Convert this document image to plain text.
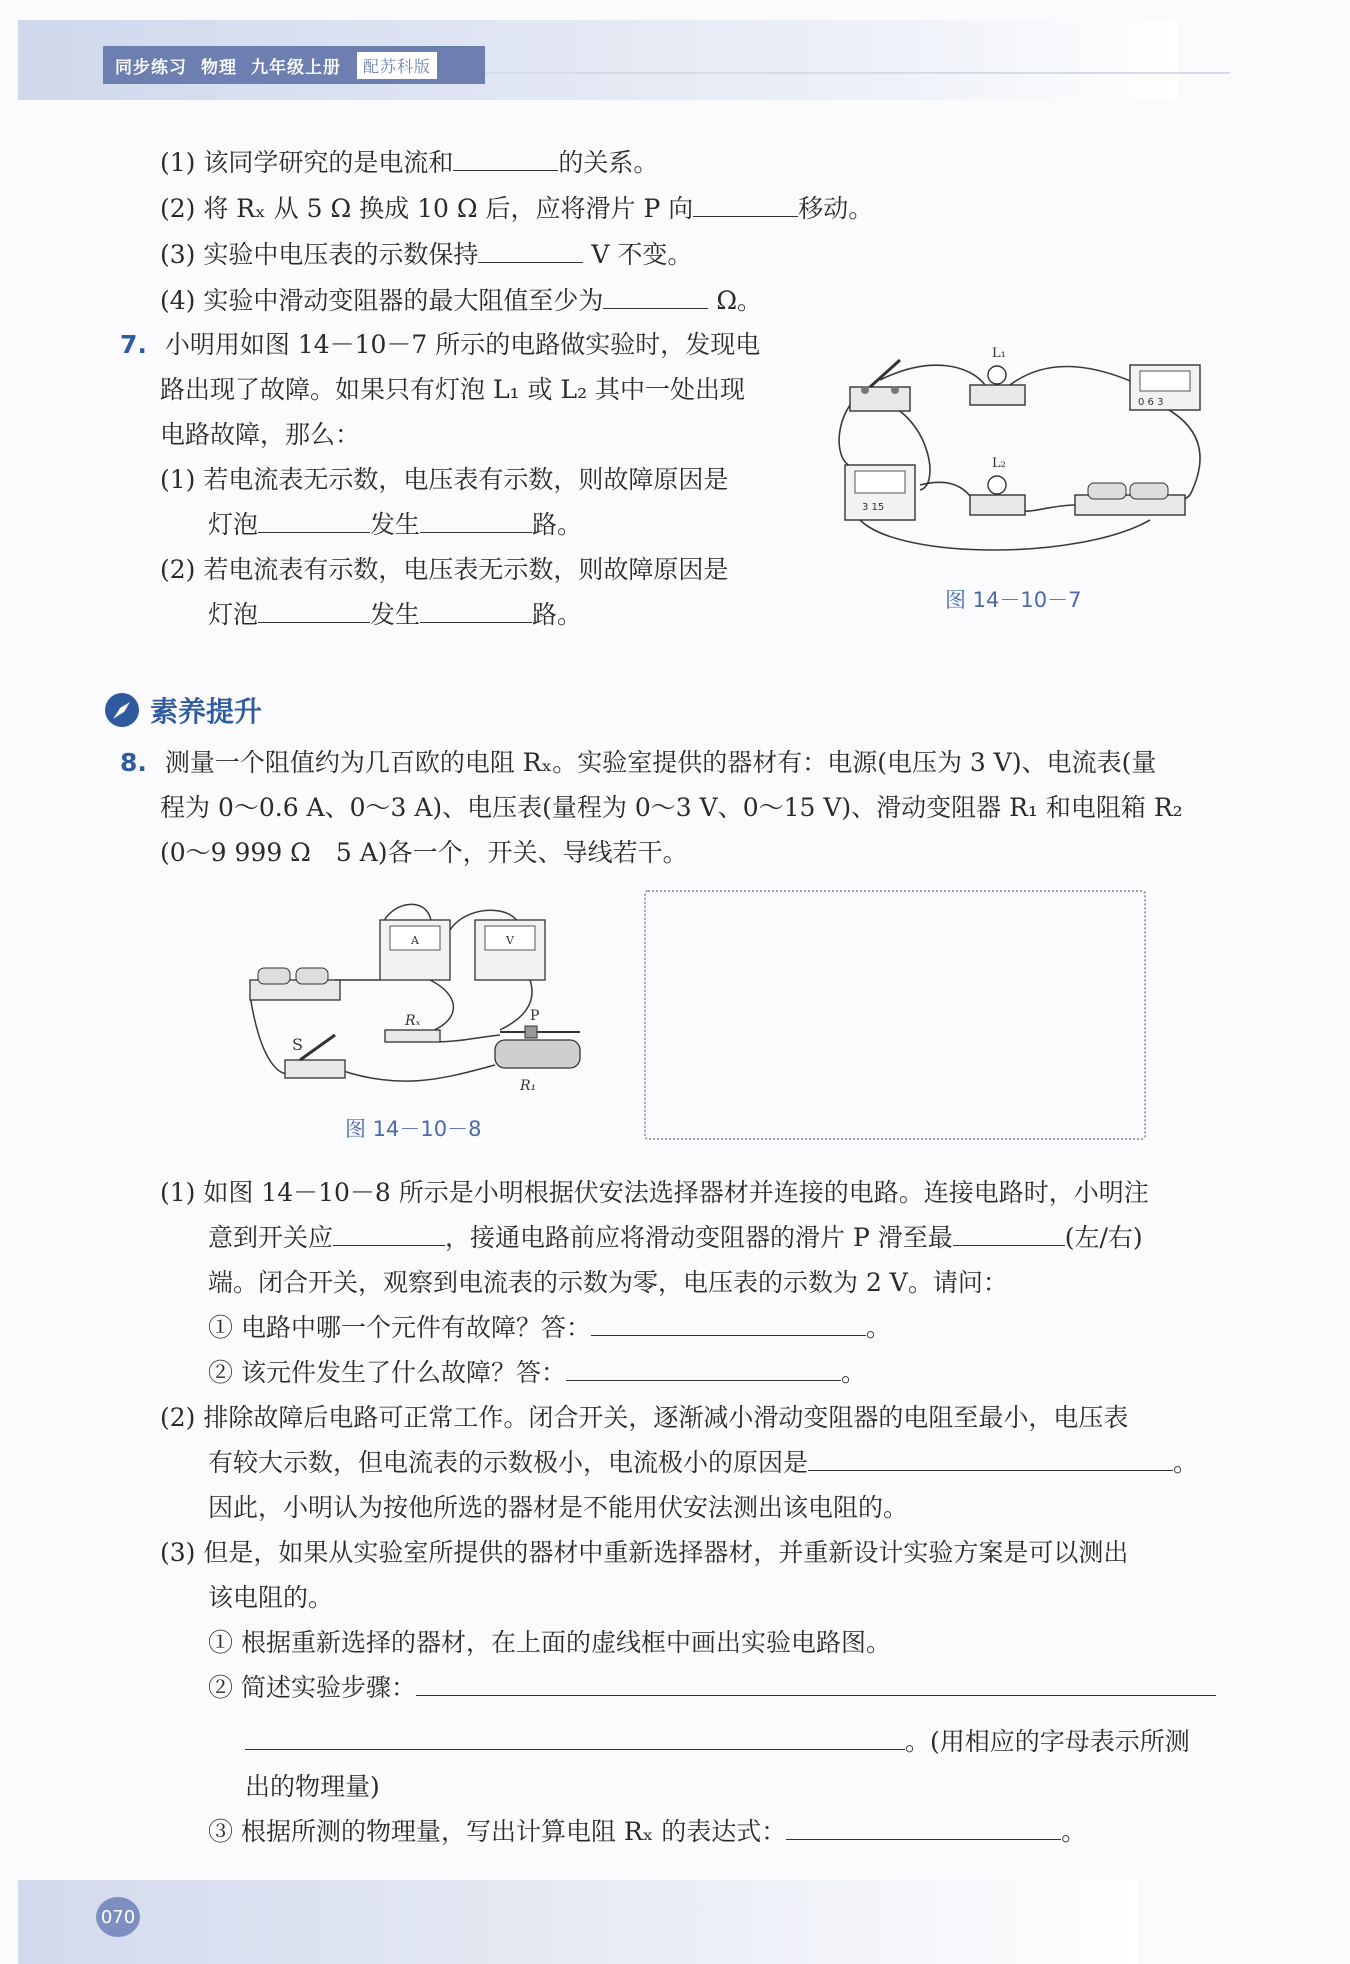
同步练习 物理 九年级上册	配苏科版
(1) 该同学研究的是电流和	的关系。
(2) 将 Rₓ 从 5 Ω 换成 10 Ω 后，应将滑片 P 向	移动。
(3) 实验中电压表的示数保持	V 不变。
(4) 实验中滑动变阻器的最大阻值至少为	Ω。
7. 小明用如图 14－10－7 所示的电路做实验时，发现电
路出现了故障。如果只有灯泡 L₁ 或 L₂ 其中一处出现
电路故障，那么：
(1) 若电流表无示数，电压表有示数，则故障原因是
灯泡	发生	路。
(2) 若电流表有示数，电压表无示数，则故障原因是
灯泡	发生	路。
L₁
0 6 3
3 15
L₂
图 14－10－7
素养提升
8. 测量一个阻值约为几百欧的电阻 Rₓ。实验室提供的器材有：电源(电压为 3 V)、电流表(量
程为 0～0.6 A、0～3 A)、电压表(量程为 0～3 V、0～15 V)、滑动变阻器 R₁ 和电阻箱 R₂
(0～9 999 Ω　5 A)各一个，开关、导线若干。
A	V
S
Rₓ	P
R₁
图 14－10－8
(1) 如图 14－10－8 所示是小明根据伏安法选择器材并连接的电路。连接电路时，小明注
意到开关应	，接通电路前应将滑动变阻器的滑片 P 滑至最	(左/右)
端。闭合开关，观察到电流表的示数为零，电压表的示数为 2 V。请问：
① 电路中哪一个元件有故障？答：	。
② 该元件发生了什么故障？答：	。
(2) 排除故障后电路可正常工作。闭合开关，逐渐减小滑动变阻器的电阻至最小，电压表
有较大示数，但电流表的示数极小，电流极小的原因是	。
因此，小明认为按他所选的器材是不能用伏安法测出该电阻的。
(3) 但是，如果从实验室所提供的器材中重新选择器材，并重新设计实验方案是可以测出
该电阻的。
① 根据重新选择的器材，在上面的虚线框中画出实验电路图。
② 简述实验步骤：
。(用相应的字母表示所测
出的物理量)
③ 根据所测的物理量，写出计算电阻 Rₓ 的表达式：	。
070
